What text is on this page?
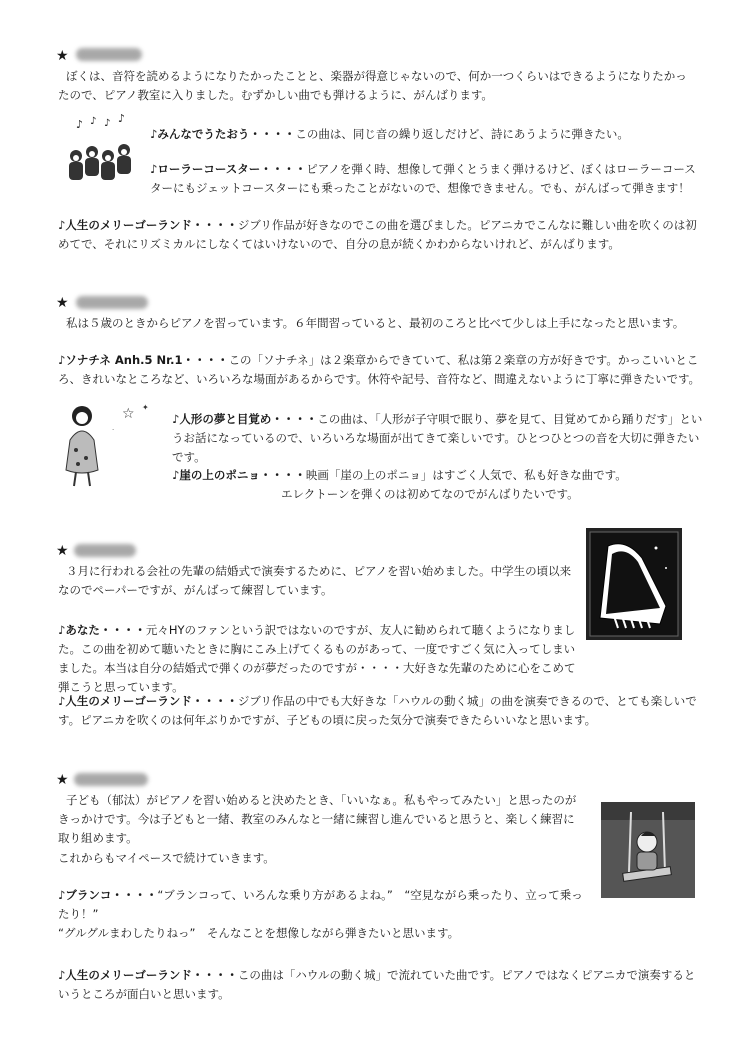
★

ぼくは、音符を読めるようになりたかったことと、楽器が得意じゃないので、何か一つくらいはできるようになりたかったので、ピアノ教室に入りました。むずかしい曲でも弾けるように、がんばります。

♪ ♪ ♪ ♪

♪みんなでうたおう・・・・この曲は、同じ音の繰り返しだけど、詩にあうように弾きたい。

♪ローラーコースター・・・・ピアノを弾く時、想像して弾くとうまく弾けるけど、ぼくはローラーコースターにもジェットコースターにも乗ったことがないので、想像できません。でも、がんばって弾きます！

♪人生のメリーゴーランド・・・・ジブリ作品が好きなのでこの曲を選びました。ピアニカでこんなに難しい曲を吹くのは初めてで、それにリズミカルにしなくてはいけないので、自分の息が続くかわからないけれど、がんばります。

★

私は５歳のときからピアノを習っています。６年間習っていると、最初のころと比べて少しは上手になったと思います。

♪ソナチネ Anh.5 Nr.1・・・・この「ソナチネ」は２楽章からできていて、私は第２楽章の方が好きです。かっこいいところ、きれいなところなど、いろいろな場面があるからです。休符や記号、音符など、間違えないように丁寧に弾きたいです。

☆ ✦
·

♪人形の夢と目覚め・・・・この曲は、「人形が子守唄で眠り、夢を見て、目覚めてから踊りだす」というお話になっているので、いろいろな場面が出てきて楽しいです。ひとつひとつの音を大切に弾きたいです。

♪崖の上のポニョ・・・・映画「崖の上のポニョ」はすごく人気で、私も好きな曲です。

エレクトーンを弾くのは初めてなのでがんばりたいです。

★

３月に行われる会社の先輩の結婚式で演奏するために、ピアノを習い始めました。中学生の頃以来なのでペーパーですが、がんばって練習しています。

♪あなた・・・・元々HYのファンという訳ではないのですが、友人に勧められて聴くようになりました。この曲を初めて聴いたときに胸にこみ上げてくるものがあって、一度ですごく気に入ってしまいました。本当は自分の結婚式で弾くのが夢だったのですが・・・・大好きな先輩のために心をこめて弾こうと思っています。

♪人生のメリーゴーランド・・・・ジブリ作品の中でも大好きな「ハウルの動く城」の曲を演奏できるので、とても楽しいです。ピアニカを吹くのは何年ぶりかですが、子どもの頃に戻った気分で演奏できたらいいなと思います。

★

子ども（郁汰）がピアノを習い始めると決めたとき、「いいなぁ。私もやってみたい」と思ったのがきっかけです。今は子どもと一緒、教室のみんなと一緒に練習し進んでいると思うと、楽しく練習に取り組めます。

これからもマイペースで続けていきます。

♪ブランコ・・・・“ブランコって、いろんな乗り方があるよね。”　“空見ながら乗ったり、立って乗ったり！”

“グルグルまわしたりねっ”　そんなことを想像しながら弾きたいと思います。

♪人生のメリーゴーランド・・・・この曲は「ハウルの動く城」で流れていた曲です。ピアノではなくピアニカで演奏するというところが面白いと思います。
